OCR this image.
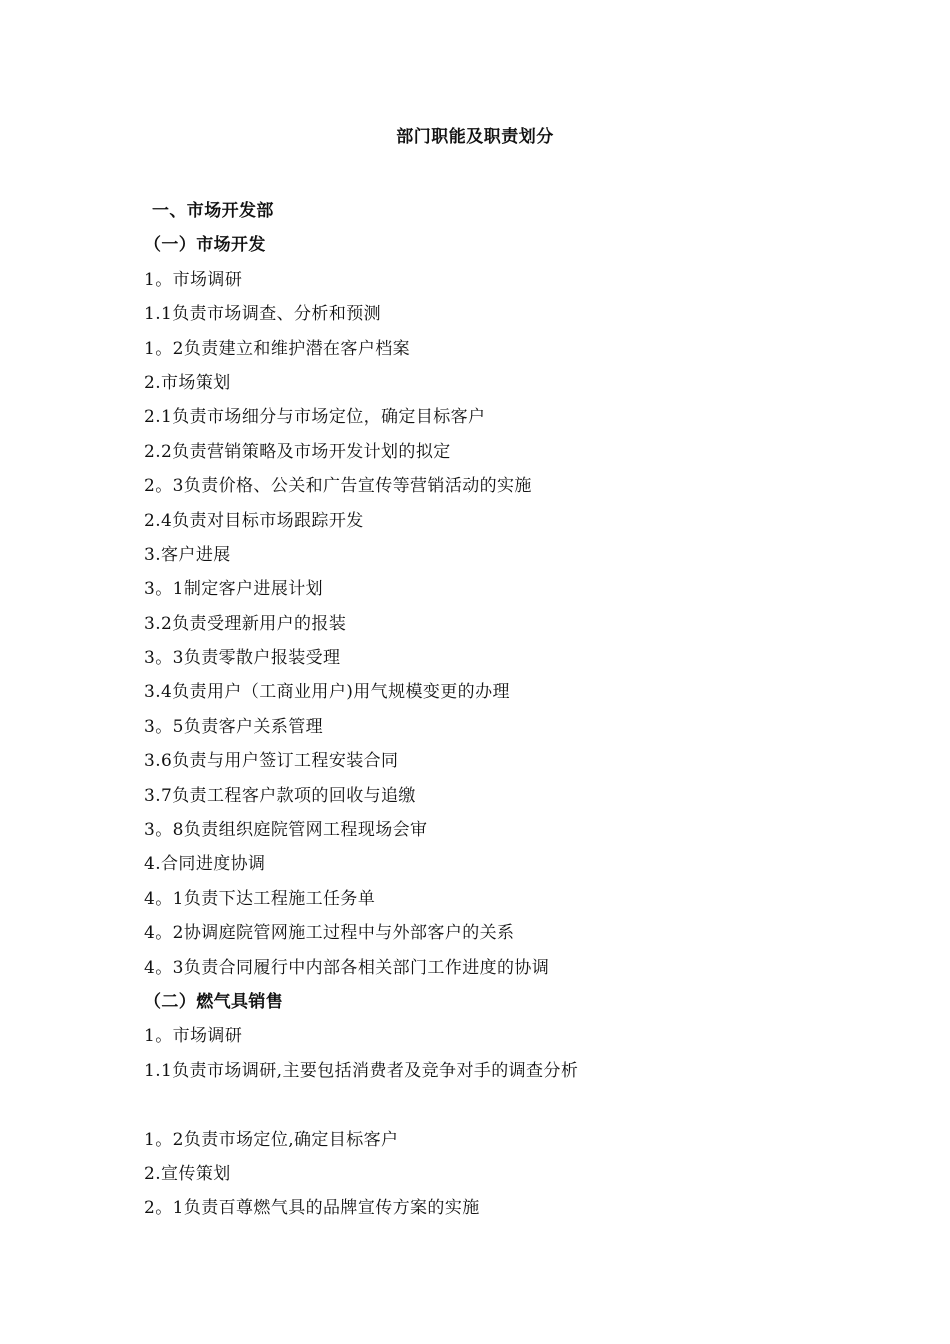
部门职能及职责划分
一、市场开发部
（一）市场开发
1。市场调研
1.1负责市场调查、分析和预测
1。2负责建立和维护潜在客户档案
2.市场策划
2.1负责市场细分与市场定位，确定目标客户
2.2负责营销策略及市场开发计划的拟定
2。3负责价格、公关和广告宣传等营销活动的实施
2.4负责对目标市场跟踪开发
3.客户进展
3。1制定客户进展计划
3.2负责受理新用户的报装
3。3负责零散户报装受理
3.4负责用户（工商业用户)用气规模变更的办理
3。5负责客户关系管理
3.6负责与用户签订工程安装合同
3.7负责工程客户款项的回收与追缴
3。8负责组织庭院管网工程现场会审
4.合同进度协调
4。1负责下达工程施工任务单
4。2协调庭院管网施工过程中与外部客户的关系
4。3负责合同履行中内部各相关部门工作进度的协调
（二）燃气具销售
1。市场调研
1.1负责市场调研,主要包括消费者及竞争对手的调查分析
1。2负责市场定位,确定目标客户
2.宣传策划
2。1负责百尊燃气具的品牌宣传方案的实施
